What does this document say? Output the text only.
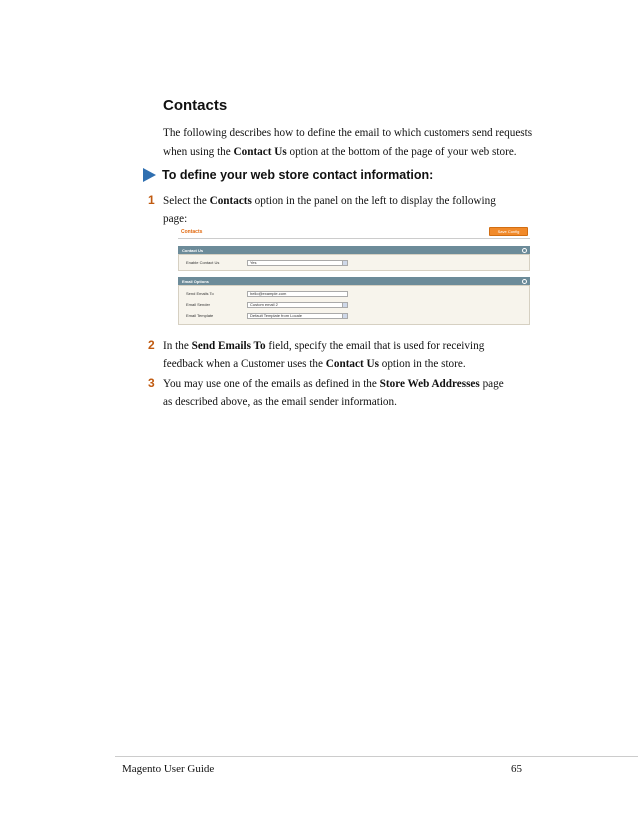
Contacts
The following describes how to define the email to which customers send requests when using the Contact Us option at the bottom of the page of your web store.
To define your web store contact information:
1 Select the Contacts option in the panel on the left to display the following page:
Contacts	Save Config
Contact Us
Enable Contact Us	Yes
Email Options
Send Emails To	hello@example.com
Email Sender	Custom email 2
Email Template	Default Template from Locale
2 In the Send Emails To field, specify the email that is used for receiving feedback when a Customer uses the Contact Us option in the store.
3 You may use one of the emails as defined in the Store Web Addresses page as described above, as the email sender information.
Magento User Guide	65
